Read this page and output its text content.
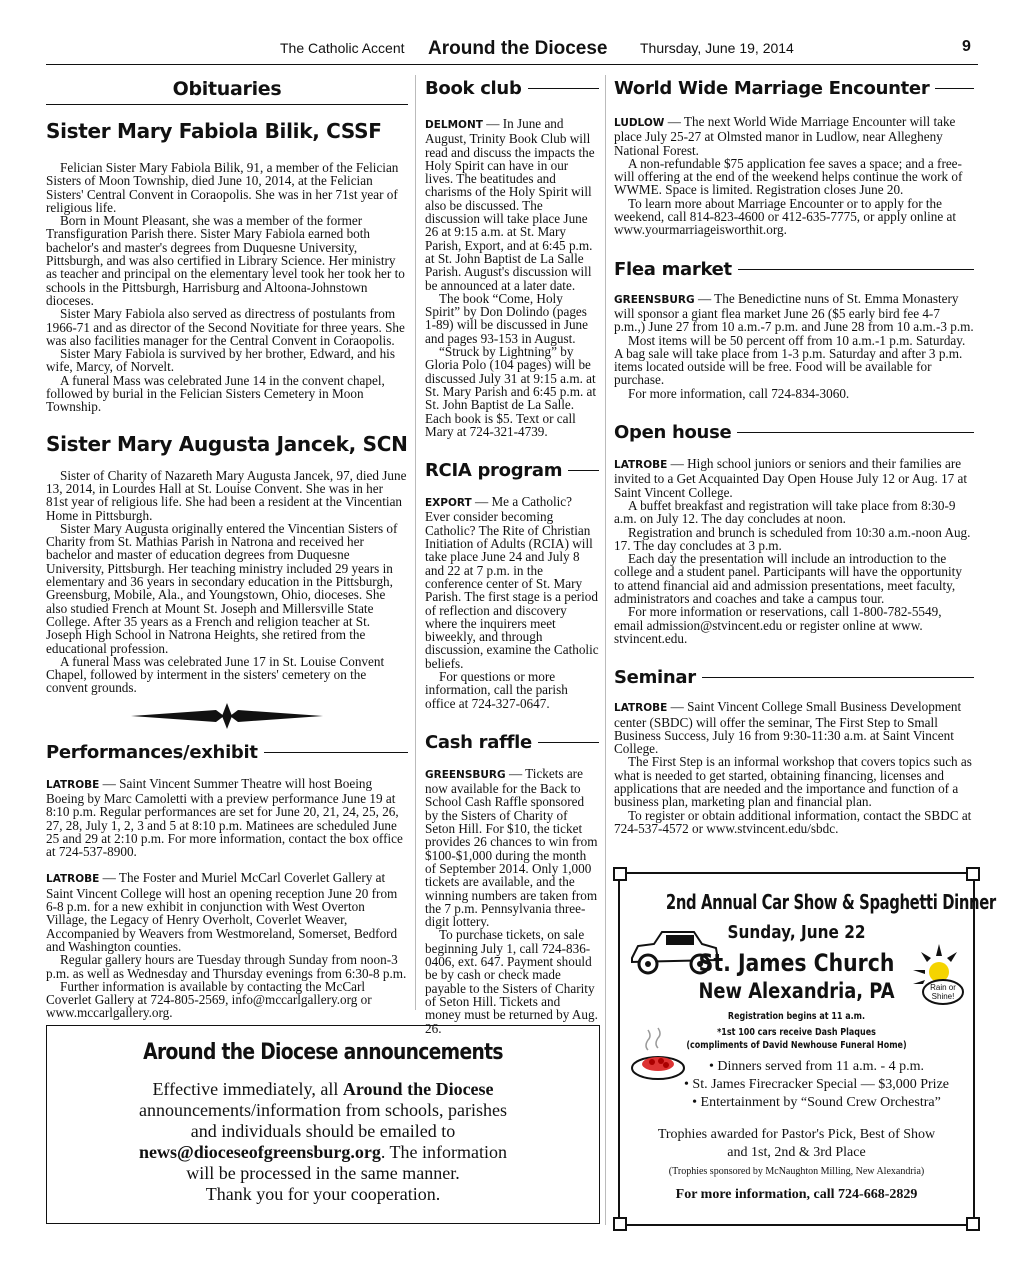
The Catholic Accent Around the Diocese Thursday, June 19, 2014	9
Obituaries
Sister Mary Fabiola Bilik, CSSF

Felician Sister Mary Fabiola Bilik, 91, a member of the Felician Sisters of Moon Township, died June 10, 2014, at the Felician Sisters' Central Convent in Coraopolis. She was in her 71st year of religious life.

Born in Mount Pleasant, she was a member of the former Transfiguration Parish there. Sister Mary Fabiola earned both bachelor's and master's degrees from Duquesne University, Pittsburgh, and was also certified in Library Science. Her ministry as teacher and principal on the elementary level took her took her to schools in the Pittsburgh, Harrisburg and Altoona-Johnstown dioceses.

Sister Mary Fabiola also served as directress of postulants from 1966-71 and as director of the Second Novitiate for three years. She was also facilities manager for the Central Convent in Coraopolis.

Sister Mary Fabiola is survived by her brother, Edward, and his wife, Marcy, of Norvelt.

A funeral Mass was celebrated June 14 in the convent chapel, followed by burial in the Felician Sisters Cemetery in Moon Township.

Sister Mary Augusta Jancek, SCN

Sister of Charity of Nazareth Mary Augusta Jancek, 97, died June 13, 2014, in Lourdes Hall at St. Louise Convent. She was in her 81st year of religious life. She had been a resident at the Vincentian Home in Pittsburgh.

Sister Mary Augusta originally entered the Vincentian Sisters of Charity from St. Mathias Parish in Natrona and received her bachelor and master of education degrees from Duquesne University, Pittsburgh. Her teaching ministry included 29 years in elementary and 36 years in secondary education in the Pittsburgh, Greensburg, Mobile, Ala., and Youngstown, Ohio, dioceses. She also studied French at Mount St. Joseph and Millersville State College. After 35 years as a French and religion teacher at St. Joseph High School in Natrona Heights, she retired from the educational profession.

A funeral Mass was celebrated June 17 in St. Louise Convent Chapel, followed by interment in the sisters' cemetery on the convent grounds.

Performances/exhibit

LATROBE — Saint Vincent Summer Theatre will host Boeing Boeing by Marc Camoletti with a preview performance June 19 at 8:10 p.m. Regular performances are set for June 20, 21, 24, 25, 26, 27, 28, July 1, 2, 3 and 5 at 8:10 p.m. Matinees are scheduled June 25 and 29 at 2:10 p.m. For more information, contact the box office at 724-537-8900.

LATROBE — The Foster and Muriel McCarl Coverlet Gallery at Saint Vincent College will host an opening reception June 20 from 6-8 p.m. for a new exhibit in conjunction with West Overton Village, the Legacy of Henry Overholt, Coverlet Weaver, Accompanied by Weavers from Westmoreland, Somerset, Bedford and Washington counties.

Regular gallery hours are Tuesday through Sunday from noon-3 p.m. as well as Wednesday and Thursday evenings from 6:30-8 p.m.

Further information is available by contacting the McCarl Coverlet Gallery at 724-805-2569, info@mccarlgallery.org or www.mccarlgallery.org.

Book club

DELMONT — In June and August, Trinity Book Club will read and discuss the impacts the Holy Spirit can have in our lives. The beatitudes and charisms of the Holy Spirit will also be discussed. The discussion will take place June 26 at 9:15 a.m. at St. Mary Parish, Export, and at 6:45 p.m. at St. John Baptist de La Salle Parish. August's discussion will be announced at a later date.

The book “Come, Holy Spirit” by Don Dolindo (pages 1-89) will be discussed in June and pages 93-153 in August.

“Struck by Lightning” by Gloria Polo (104 pages) will be discussed July 31 at 9:15 a.m. at St. Mary Parish and 6:45 p.m. at St. John Baptist de La Salle. Each book is $5. Text or call Mary at 724-321-4739.

RCIA program

EXPORT — Me a Catholic? Ever consider becoming Catholic? The Rite of Christian Initiation of Adults (RCIA) will take place June 24 and July 8 and 22 at 7 p.m. in the conference center of St. Mary Parish. The first stage is a period of reflection and discovery where the inquirers meet biweekly, and through discussion, examine the Catholic beliefs.

For questions or more information, call the parish office at 724-327-0647.

Cash raffle

GREENSBURG — Tickets are now available for the Back to School Cash Raffle sponsored by the Sisters of Charity of Seton Hill. For $10, the ticket provides 26 chances to win from $100-$1,000 during the month of September 2014. Only 1,000 tickets are available, and the winning numbers are taken from the 7 p.m. Pennsylvania three-digit lottery.

To purchase tickets, on sale beginning July 1, call 724-836-0406, ext. 647. Payment should be by cash or check made payable to the Sisters of Charity of Seton Hill. Tickets and money must be returned by Aug. 26.

World Wide Marriage Encounter

LUDLOW — The next World Wide Marriage Encounter will take place July 25-27 at Olmsted manor in Ludlow, near Allegheny National Forest.

A non-refundable $75 application fee saves a space; and a free-will offering at the end of the weekend helps continue the work of WWME. Space is limited. Registration closes June 20.

To learn more about Marriage Encounter or to apply for the weekend, call 814-823-4600 or 412-635-7775, or apply online at www.yourmarriageisworthit.org.

Flea market

GREENSBURG — The Benedictine nuns of St. Emma Monastery will sponsor a giant flea market June 26 ($5 early bird fee 4-7 p.m.,) June 27 from 10 a.m.-7 p.m. and June 28 from 10 a.m.-3 p.m.

Most items will be 50 percent off from 10 a.m.-1 p.m. Saturday. A bag sale will take place from 1-3 p.m. Saturday and after 3 p.m. items located outside will be free. Food will be available for purchase.

For more information, call 724-834-3060.

Open house

LATROBE — High school juniors or seniors and their families are invited to a Get Acquainted Day Open House July 12 or Aug. 17 at Saint Vincent College.

A buffet breakfast and registration will take place from 8:30-9 a.m. on July 12. The day concludes at noon.

Registration and brunch is scheduled from 10:30 a.m.-noon Aug. 17. The day concludes at 3 p.m.

Each day the presentation will include an introduction to the college and a student panel. Participants will have the opportunity to attend financial aid and admission presentations, meet faculty, administrators and coaches and take a campus tour.

For more information or reservations, call 1-800-782-5549, email admission@stvincent.edu or register online at www. stvincent.edu.

Seminar

LATROBE — Saint Vincent College Small Business Development center (SBDC) will offer the seminar, The First Step to Small Business Success, July 16 from 9:30-11:30 a.m. at Saint Vincent College.

The First Step is an informal workshop that covers topics such as what is needed to get started, obtaining financing, licenses and applications that are needed and the importance and function of a business plan, marketing plan and financial plan.

To register or obtain additional information, contact the SBDC at 724-537-4572 or www.stvincent.edu/sbdc.

Around the Diocese announcements
Effective immediately, all Around the Diocese
announcements/information from schools, parishes
and individuals should be emailed to
news@dioceseofgreensburg.org. The information
will be processed in the same manner.
Thank you for your cooperation.
2nd Annual Car Show & Spaghetti Dinner
Sunday, June 22
St. James Church
New Alexandria, PA	Rain or
Shine!
Registration begins at 11 a.m.
*1st 100 cars receive Dash Plaques
(compliments of David Newhouse Funeral Home)
• Dinners served from 11 a.m. - 4 p.m.
• St. James Firecracker Special — $3,000 Prize
• Entertainment by “Sound Crew Orchestra”
Trophies awarded for Pastor's Pick, Best of Show
and 1st, 2nd & 3rd Place
(Trophies sponsored by McNaughton Milling, New Alexandria)
For more information, call 724-668-2829
